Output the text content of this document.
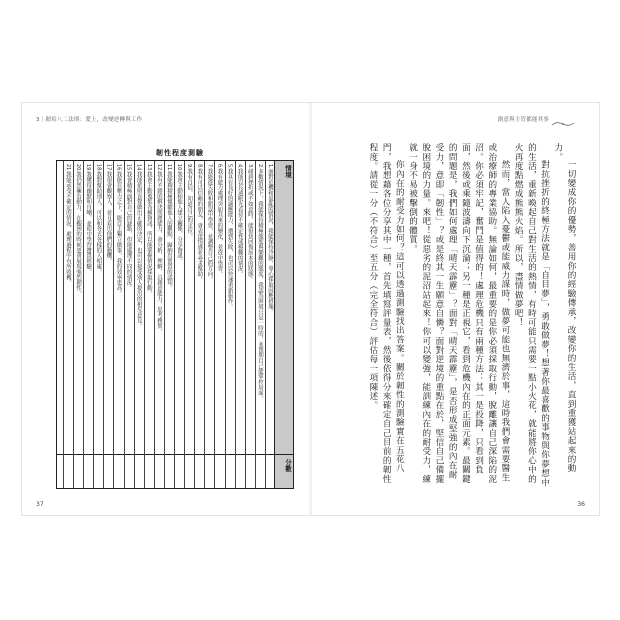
3｜韌培八二法則：愛上，改變逆轉與工作
韌性程度測驗
情境
分數
1.面對危機和混亂的情況，我能保持冷靜，專心採取因應措施。
2.多數情況下，我能保持積極態度與樂觀的態度，我認為困境只是一時的，並預期自己能掌控局面。
3.碰到挫折或不如意時，能很快回復原本的狀態。
4.我能以長遠眼光看待不確定性或模糊的情況。
5.我具有良好的適應能力，遭到失敗，也可以快速重新振作。
6.我有能力處理突如其來的變化，並從中學習。
7.我能從失敗和錯誤中學習，並調整自己的方向。
8.我有可以信賴的朋友，會表達情感並尋求幫助。
9.我有自信，知道自己的定位。
10.我會主動和他人建立關係，分享資訊。
11.我能夠積極傾聽他人的觀點，歸納出實質的認知。
12.我有不錯的解決問題能力，會分析、理解，具創意能力，思考務實。
13.我會主動蒐集各種資訊，所以能掌握情況採取行動。
14.我能依照直覺做出正確的決定，也可以接受別人提出的相反意見。
15.我會積極面對自己的缺點，但能處理不同的情況。
16.我能在壓力之下，能自主獨立做事，我的效率更高。
17.我很會觀察人，並且看出他們的動機。
18.我對幫助別人，可以和各式各樣的人相處。
19.我懂得幽默和自嘲，並從中學習寶貴經驗。
20.我仍然擁有動力，在艱困的時候更會展現強烈韌性。
21.我能承受不確定的情況，處理過程中有所收穫。
37
創意與主管都能其事

一切變成你的優勢，善用你的經驗傳承，改變你的生活，直到重獲站起來的動力。

對抗挫折的終極方法就是「自目夢」，勇敢做夢！想著你最喜歡的事物與你夢想中的生活，重新喚起自己對生活的熱情，有時可能只需要一點小火花，就能將你心中的火再度點燃成熊熊火焰。所以，盡情做夢吧！

然而，當人陷入憂鬱或能威力謀時，做夢可能也無濟於事，這時我們會需要醫生或治療師的專業協助。無論如何，最重要的是你必須採取行動，脫離讓自己深陷的泥沼。你必須牢記，奮鬥是值得的！處理危機只有兩種方法：其一是投降，只看到負面，然後或乘隨波濤向下沉淪；另一種是正視它，看到危機內在的正面元素。最關鍵的問題是，我們如何處理「晴天霹靂」？面對「晴天霹靂」，是否形成堅強的內在耐受力，意即「韌性」？或是終其一生願意自憐？面對逆境的重點在於，堅信自己備擺脫困境的力量。來吧！從惡劣的泥沼站起來！你可以變強，能訓練內在的耐受力，練就一身不易被擊倒的體質。

你內在的耐受力如何？這可以透過測驗找出答案。關於韌性的測驗實在五花八門，我想藉各位分享其中一種，首先填寫評量表，然後依得分來確定自己目前的韌性程度。請從一分（不符合）至五分（完全符合）評估每一項陳述。

36
